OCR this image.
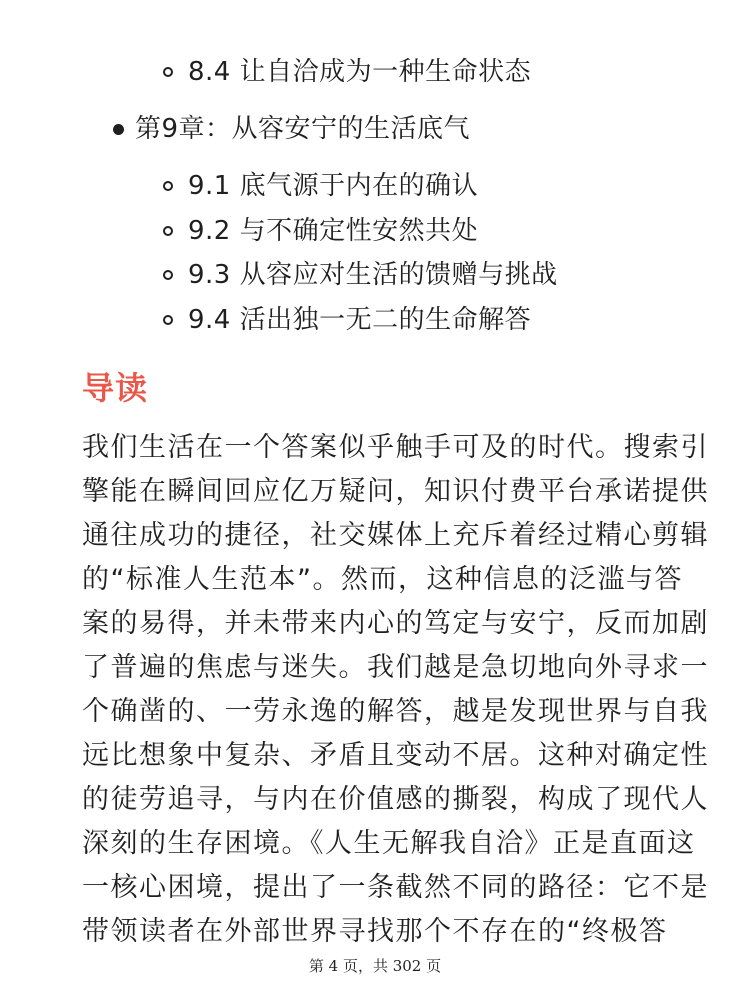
8.4 让自洽成为一种生命状态
第9章：从容安宁的生活底气
9.1 底气源于内在的确认
9.2 与不确定性安然共处
9.3 从容应对生活的馈赠与挑战
9.4 活出独一无二的生命解答
导读
我们生活在一个答案似乎触手可及的时代。搜索引
擎能在瞬间回应亿万疑问，知识付费平台承诺提供
通往成功的捷径，社交媒体上充斥着经过精心剪辑
的“标准人生范本”。然而，这种信息的泛滥与答
案的易得，并未带来内心的笃定与安宁，反而加剧
了普遍的焦虑与迷失。我们越是急切地向外寻求一
个确凿的、一劳永逸的解答，越是发现世界与自我
远比想象中复杂、矛盾且变动不居。这种对确定性
的徒劳追寻，与内在价值感的撕裂，构成了现代人
深刻的生存困境。《人生无解我自洽》正是直面这
一核心困境，提出了一条截然不同的路径：它不是
带领读者在外部世界寻找那个不存在的“终极答
第 4 页，共 302 页
